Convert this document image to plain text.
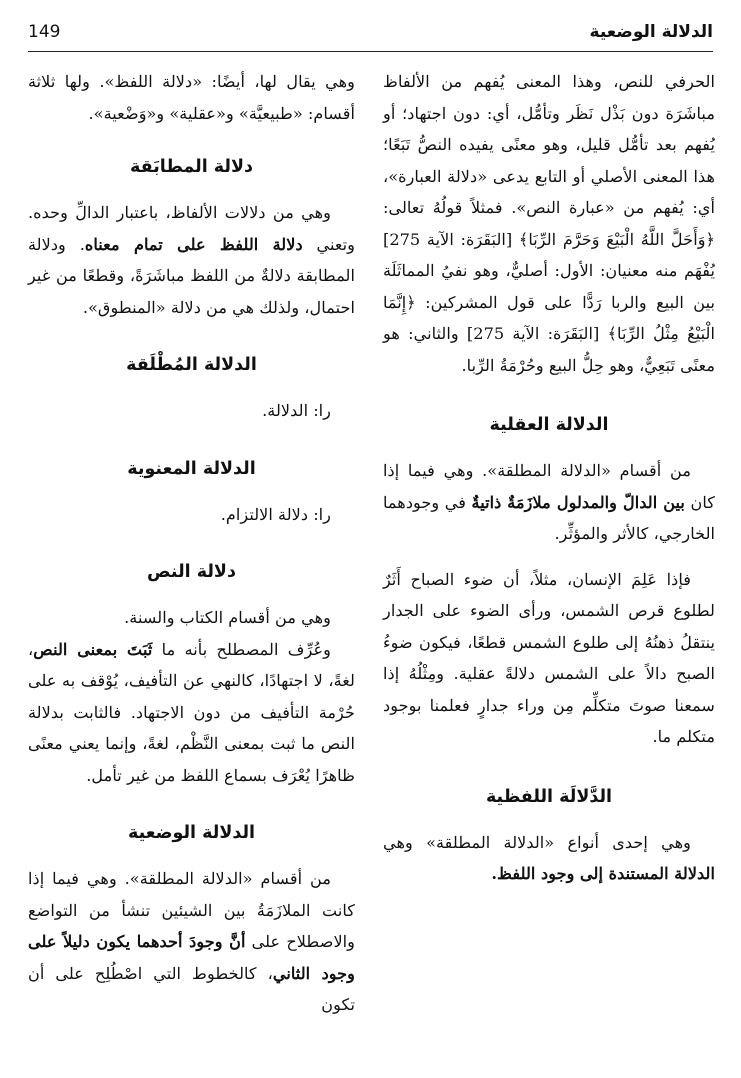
149	الدلالة الوضعية

الحرفي للنص، وهذا المعنى يُفهم من الألفاظ مباشَرَة دون بَذْل نَظَر وتأمُّل، أي: دون اجتهاد؛ أو يُفهم بعد تأمُّل قليل، وهو معنًى يفيده النصُّ تَبَعًا؛ هذا المعنى الأصلي أو التابع يدعى «دلالة العبارة»، أي: يُفهم من «عبارة النص». فمثلاً قولُهُ تعالى: ﴿وَأَحَلَّ اللَّهُ الْبَيْعَ وَحَرَّمَ الرِّبَا﴾ [البَقَرَة: الآية 275] يُفْهَم منه معنيان: الأول: أصليٌّ، وهو نفيُ المماثَلَة بين البيع والربا رَدًّا على قول المشركين: ﴿إِنَّمَا الْبَيْعُ مِثْلُ الرِّبَا﴾ [البَقَرَة: الآية 275] والثاني: هو معنًى تَبَعِيٌّ، وهو حِلُّ البيع وحُرْمَةُ الرِّبا.

الدلالة العقلية

من أقسام «الدلالة المطلقة». وهي فيما إذا كان بين الدالّ والمدلول ملازَمَةٌ ذاتيةٌ في وجودهما الخارجي، كالأثر والمؤثِّر.

فإذا عَلِمَ الإنسان، مثلاً، أن ضوء الصباح أَثَرٌ لطلوع قرص الشمس، ورأى الضوء على الجدار ينتقلُ ذهنُهُ إلى طلوع الشمس قطعًا، فيكون ضوءُ الصبح دالاً على الشمس دلالةً عقلية. ومِثْلُهُ إذا سمعنا صوتَ متكلِّم مِن وراء جدارٍ فعلمنا بوجود متكلم ما.

الدَّلالَة اللفظية

وهي إحدى أنواع «الدلالة المطلقة» وهي الدلالة المستندة إلى وجود اللفظ.

وهي يقال لها، أيضًا: «دلالة اللفظ». ولها ثلاثة أقسام: «طبيعيَّة» و«عقلية» و«وَضْعية».

دلالة المطابَقة

وهي من دلالات الألفاظ، باعتبار الدالِّ وحده. وتعني دلالة اللفظ على تمام معناه. ودلالة المطابقة دلالةٌ من اللفظ مباشَرَةً، وقطعًا من غير احتمال، ولذلك هي من دلالة «المنطوق».

الدلالة المُطْلَقة

را: الدلالة.

الدلالة المعنوية

را: دلالة الالتزام.

دلالة النص

وهي من أقسام الكتاب والسنة.

وعُرِّف المصطلح بأنه ما ثَبَتَ بمعنى النص، لغةً، لا اجتهادًا، كالنهي عن التأفيف، يُوْقف به على حُرْمة التأفيف من دون الاجتهاد. فالثابت بدلالة النص ما ثبت بمعنى النَّظْم، لغةً، وإنما يعني معنًى ظاهرًا يُعْرَف بسماع اللفظ من غير تأمل.

الدلالة الوضعية

من أقسام «الدلالة المطلقة». وهي فيما إذا كانت الملازَمَةُ بين الشيئين تنشأ من التواضع والاصطلاح على أنَّ وجودَ أحدهما يكون دليلاً على وجود الثاني، كالخطوط التي اصْطُلِح على أن تكون
